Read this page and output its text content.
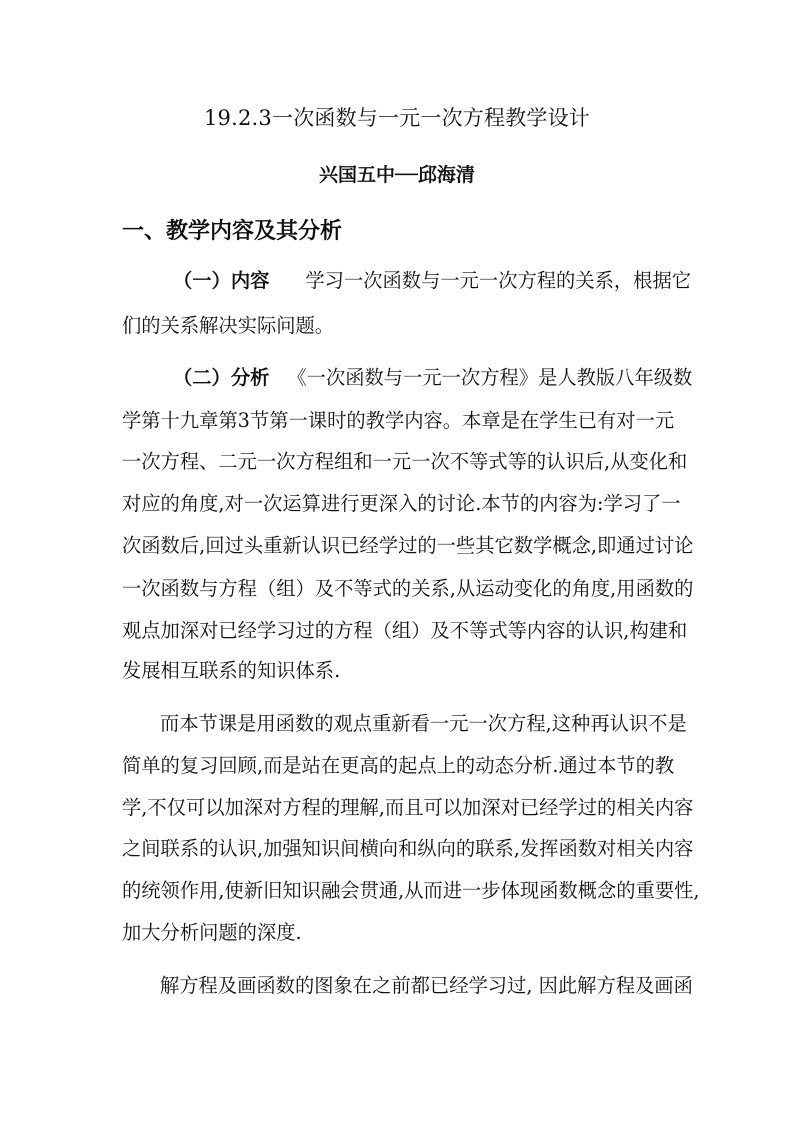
19.2.3一次函数与一元一次方程教学设计
兴国五中──邱海清
一、教学内容及其分析
（一）内容 学习一次函数与一元一次方程的关系，根据它
们的关系解决实际问题。
（二）分析 《一次函数与一元一次方程》是人教版八年级数
学第十九章第3节第一课时的教学内容。本章是在学生已有对一元
一次方程、二元一次方程组和一元一次不等式等的认识后,从变化和
对应的角度,对一次运算进行更深入的讨论.本节的内容为:学习了一
次函数后,回过头重新认识已经学过的一些其它数学概念,即通过讨论
一次函数与方程（组）及不等式的关系,从运动变化的角度,用函数的
观点加深对已经学习过的方程（组）及不等式等内容的认识,构建和
发展相互联系的知识体系.
而本节课是用函数的观点重新看一元一次方程,这种再认识不是
简单的复习回顾,而是站在更高的起点上的动态分析.通过本节的教
学,不仅可以加深对方程的理解,而且可以加深对已经学过的相关内容
之间联系的认识,加强知识间横向和纵向的联系,发挥函数对相关内容
的统领作用,使新旧知识融会贯通,从而进一步体现函数概念的重要性,
加大分析问题的深度.
解方程及画函数的图象在之前都已经学习过, 因此解方程及画函
